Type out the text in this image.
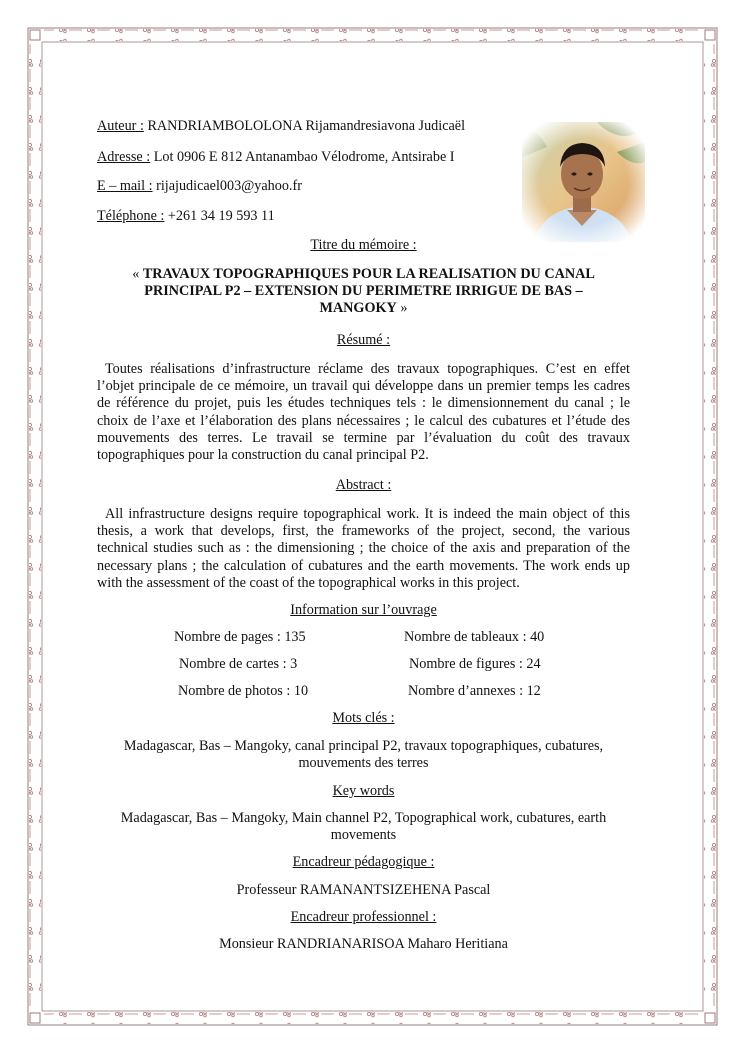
Auteur : RANDRIAMBOLOLONA Rijamandresiavona Judicaël
Adresse : Lot 0906 E 812 Antanambao Vélodrome, Antsirabe I
E – mail : rijajudicael003@yahoo.fr
Téléphone : +261 34 19 593 11
Titre du mémoire :
« TRAVAUX TOPOGRAPHIQUES POUR LA REALISATION DU CANAL PRINCIPAL P2 – EXTENSION DU PERIMETRE IRRIGUE DE BAS – MANGOKY »
Résumé :
Toutes réalisations d’infrastructure réclame des travaux topographiques. C’est en effet l’objet principale de ce mémoire, un travail qui développe dans un premier temps les cadres de référence du projet, puis les études techniques tels : le dimensionnement du canal ; le choix de l’axe et l’élaboration des plans nécessaires ; le calcul des cubatures et l’étude des mouvements des terres. Le travail se termine par l’évaluation du coût des travaux topographiques pour la construction du canal principal P2.
Abstract :
All infrastructure designs require topographical work. It is indeed the main object of this thesis, a work that develops, first, the frameworks of the project, second, the various technical studies such as : the dimensioning ; the choice of the axis and preparation of the necessary plans ; the calculation of cubatures and the earth movements. The work ends up with the assessment of the coast of the topographical works in this project.
Information sur l’ouvrage
Nombre de pages : 135	Nombre de tableaux : 40
Nombre de cartes : 3	Nombre de figures : 24
Nombre de photos : 10	Nombre d’annexes : 12
Mots clés :
Madagascar, Bas – Mangoky, canal principal P2, travaux topographiques, cubatures, mouvements des terres
Key words
Madagascar, Bas – Mangoky, Main channel P2, Topographical work, cubatures, earth movements
Encadreur pédagogique :
Professeur RAMANANTSIZEHENA Pascal
Encadreur professionnel :
Monsieur RANDRIANARISOA Maharo Heritiana
